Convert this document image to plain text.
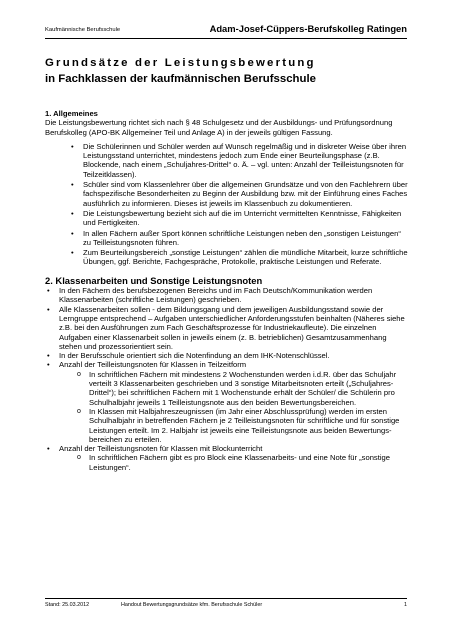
Kaufmännische Berufsschule	Adam-Josef-Cüppers-Berufskolleg Ratingen
Grundsätze der Leistungsbewertung
in Fachklassen der kaufmännischen Berufsschule
1. Allgemeines

Die Leistungsbewertung richtet sich nach § 48 Schulgesetz und der Ausbildungs- und Prüfungsordnung Berufskolleg (APO-BK Allgemeiner Teil und Anlage A) in der jeweils gültigen Fassung.

• Die Schülerinnen und Schüler werden auf Wunsch regelmäßig und in diskreter Weise über ihren Leistungsstand unterrichtet, mindestens jedoch zum Ende einer Beurteilungsphase (z.B. Blockende, nach einem „Schuljahres-Drittel“ o. Ä. – vgl. unten: Anzahl der Teilleistungsnoten für Teilzeitklassen).
• Schüler sind vom Klassenlehrer über die allgemeinen Grundsätze und von den Fachlehrern über fachspezifische Besonderheiten zu Beginn der Ausbildung bzw. mit der Einführung eines Faches ausführlich zu informieren. Dieses ist jeweils im Klassenbuch zu dokumentieren.
• Die Leistungsbewertung bezieht sich auf die im Unterricht vermittelten Kenntnisse, Fähigkeiten und Fertigkeiten.
• In allen Fächern außer Sport können schriftliche Leistungen neben den „sonstigen Leistungen“ zu Teilleistungsnoten führen.
• Zum Beurteilungsbereich „sonstige Leistungen“ zählen die mündliche Mitarbeit, kurze schriftliche Übungen, ggf. Berichte, Fachgespräche, Protokolle, praktische Leistungen und Referate.
2. Klassenarbeiten und Sonstige Leistungsnoten
• In den Fächern des berufsbezogenen Bereichs und im Fach Deutsch/Kommunikation werden Klassenarbeiten (schriftliche Leistungen) geschrieben.
• Alle Klassenarbeiten sollen - dem Bildungsgang und dem jeweiligen Ausbildungsstand sowie der Lerngruppe entsprechend – Aufgaben unterschiedlicher Anforderungsstufen beinhalten (Näheres siehe z.B. bei den Ausführungen zum Fach Geschäftsprozesse für Industriekaufleute). Die einzelnen Aufgaben einer Klassenarbeit sollen in jeweils einem (z. B. betrieblichen) Gesamtzusammenhang stehen und prozessorientiert sein.
• In der Berufsschule orientiert sich die Notenfindung an dem IHK-Notenschlüssel.
• Anzahl der Teilleistungsnoten für Klassen in Teilzeitform
o In schriftlichen Fächern mit mindestens 2 Wochenstunden werden i.d.R. über das Schuljahr verteilt 3 Klassenarbeiten geschrieben und 3 sonstige Mitarbeitsnoten erteilt („Schuljahres-Drittel“); bei schriftlichen Fächern mit 1 Wochenstunde erhält der Schüler/ die Schülerin pro Schulhalbjahr jeweils 1 Teilleistungsnote aus den beiden Bewertungsbereichen.
o In Klassen mit Halbjahreszeugnissen (im Jahr einer Abschlussprüfung) werden im ersten Schulhalbjahr in betreffenden Fächern je 2 Teilleistungsnoten für schriftliche und für sonstige Leistungen erteilt. Im 2. Halbjahr ist jeweils eine Teilleistungsnote aus beiden Bewertungs-bereichen zu erteilen.
• Anzahl der Teilleistungsnoten für Klassen mit Blockunterricht
o In schriftlichen Fächern gibt es pro Block eine Klassenarbeits- und eine Note für „sonstige Leistungen“.
Stand: 25.03.2012	Handout Bewertungsgrundsätze kfm. Berufsschule Schüler	1
